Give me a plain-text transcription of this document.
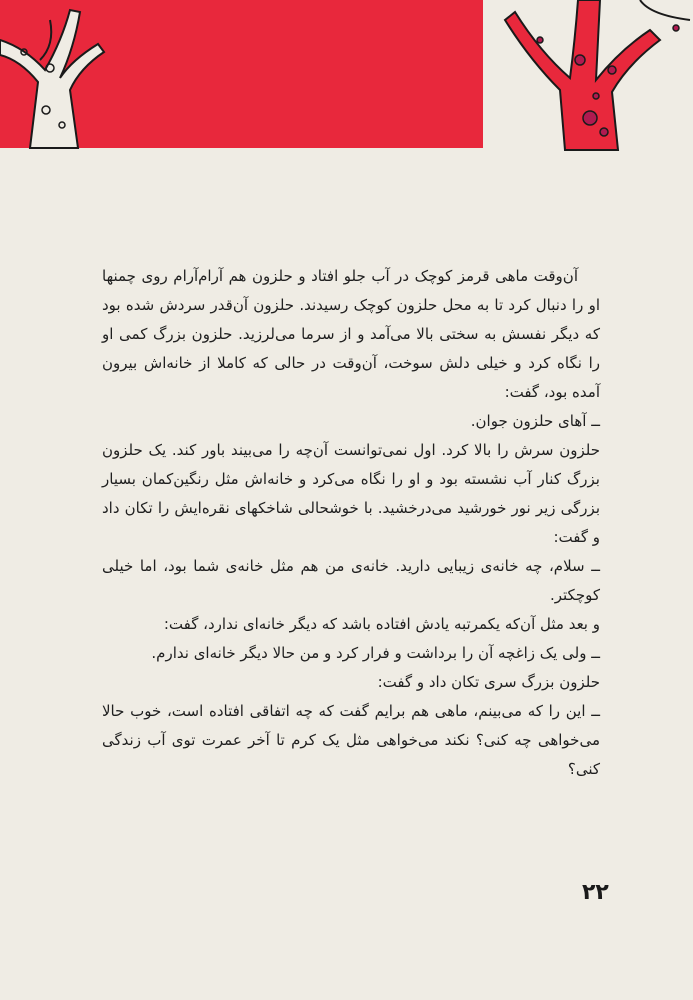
آن‌وقت ماهی قرمز کوچک در آب جلو افتاد و حلزون هم آرام‌آرام روی چمنها او را دنبال کرد تا به محل حلزون کوچک رسیدند. حلزون آن‌قدر سردش شده بود که دیگر نفسش به سختی بالا می‌آمد و از سرما می‌لرزید. حلزون بزرگ کمی او را نگاه کرد و خیلی دلش سوخت، آن‌وقت در حالی که کاملا از خانه‌اش بیرون آمده بود، گفت:

ــ آهای حلزون جوان.

حلزون سرش را بالا کرد. اول نمی‌توانست آن‌چه را می‌بیند باور کند. یک حلزون بزرگ کنار آب نشسته بود و او را نگاه می‌کرد و خانه‌اش مثل رنگین‌کمان بسیار بزرگی زیر نور خورشید می‌درخشید. با خوشحالی شاخکهای نقره‌ایش را تکان داد و گفت:

ــ سلام، چه خانه‌ی زیبایی دارید. خانه‌ی من هم مثل خانه‌ی شما بود، اما خیلی کوچکتر.

و بعد مثل آن‌که یکمرتبه یادش افتاده باشد که دیگر خانه‌ای ندارد، گفت:

ــ ولی یک زاغچه آن را برداشت و فرار کرد و من حالا دیگر خانه‌ای ندارم.

حلزون بزرگ سری تکان داد و گفت:

ــ این را که می‌بینم، ماهی هم برایم گفت که چه اتفاقی افتاده است، خوب حالا می‌خواهی چه کنی؟ نکند می‌خواهی مثل یک کرم تا آخر عمرت توی آب زندگی کنی؟

۲۲
